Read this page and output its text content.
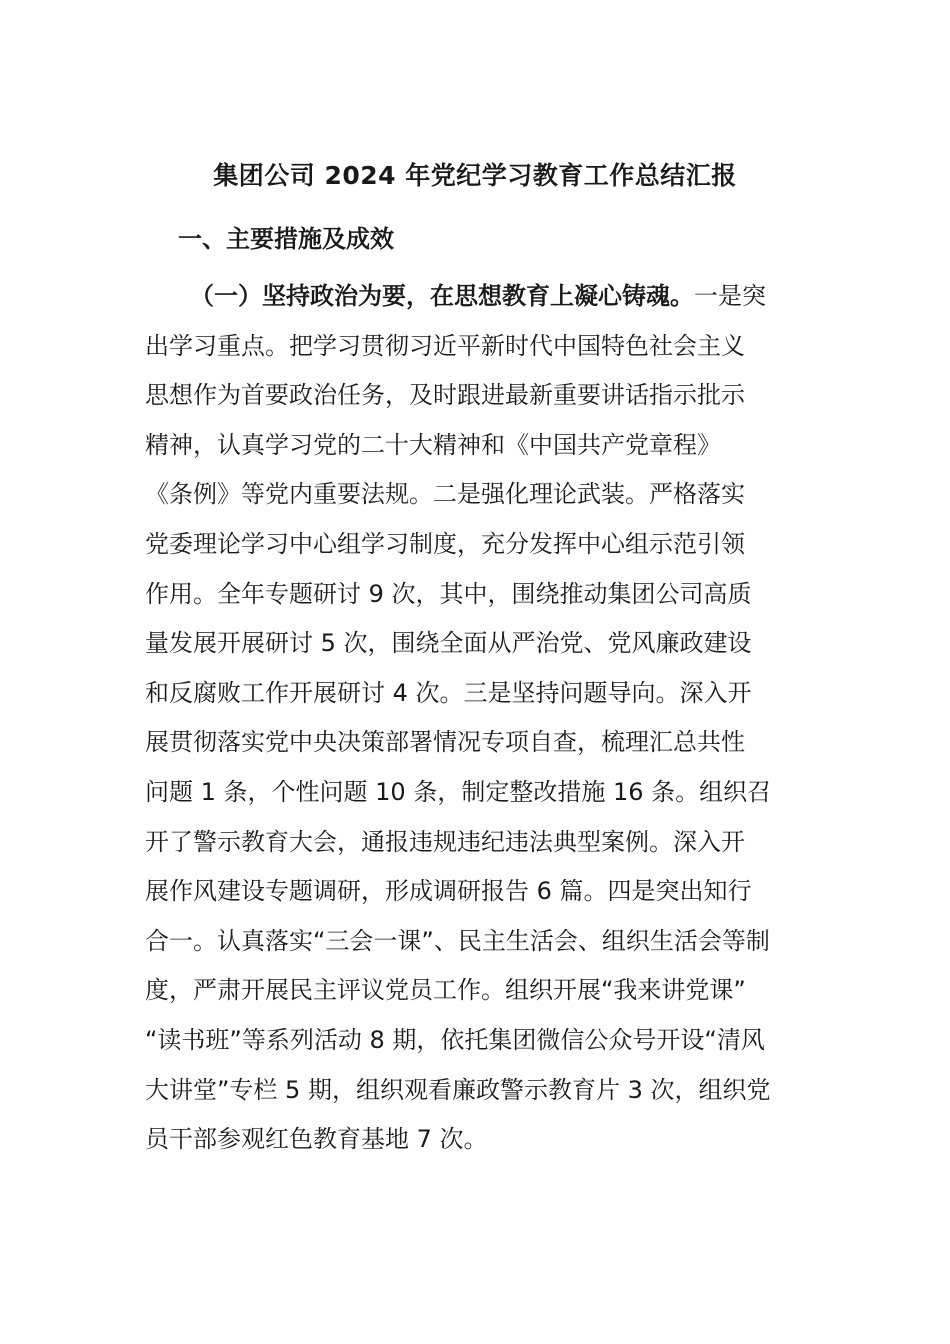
集团公司 2024 年党纪学习教育工作总结汇报
一、主要措施及成效
（一）坚持政治为要，在思想教育上凝心铸魂。一是突
出学习重点。把学习贯彻习近平新时代中国特色社会主义
思想作为首要政治任务，及时跟进最新重要讲话指示批示
精神，认真学习党的二十大精神和《中国共产党章程》
《条例》等党内重要法规。二是强化理论武装。严格落实
党委理论学习中心组学习制度，充分发挥中心组示范引领
作用。全年专题研讨 9 次，其中，围绕推动集团公司高质
量发展开展研讨 5 次，围绕全面从严治党、党风廉政建设
和反腐败工作开展研讨 4 次。三是坚持问题导向。深入开
展贯彻落实党中央决策部署情况专项自查，梳理汇总共性
问题 1 条，个性问题 10 条，制定整改措施 16 条。组织召
开了警示教育大会，通报违规违纪违法典型案例。深入开
展作风建设专题调研，形成调研报告 6 篇。四是突出知行
合一。认真落实“三会一课”、民主生活会、组织生活会等制
度，严肃开展民主评议党员工作。组织开展“我来讲党课”
“读书班”等系列活动 8 期，依托集团微信公众号开设“清风
大讲堂”专栏 5 期，组织观看廉政警示教育片 3 次，组织党
员干部参观红色教育基地 7 次。
